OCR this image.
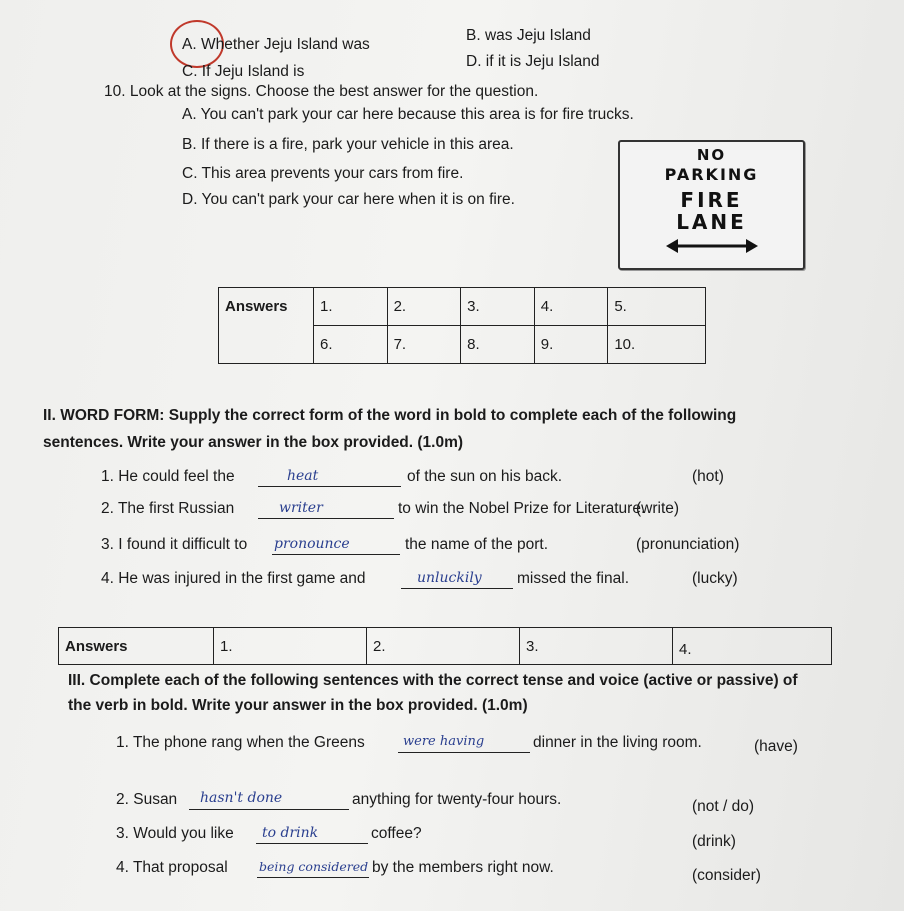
A. Whether Jeju Island was
B. was Jeju Island
C. If Jeju Island is
D. if it is Jeju Island
10. Look at the signs. Choose the best answer for the question.
A. You can't park your car here because this area is for fire trucks.
B. If there is a fire, park your vehicle in this area.
C. This area prevents your cars from fire.
D. You can't park your car here when it is on fire.
NO
PARKING
FIRE
LANE
Answers	1.	2.	3.	4.	5.
	6.	7.	8.	9.	10.
II. WORD FORM: Supply the correct form of the word in bold to complete each of the following
sentences. Write your answer in the box provided. (1.0m)
1. He could feel the	heat	of the sun on his back.	(hot)
2. The first Russian	writer	to win the Nobel Prize for Literature.
(write)
3. I found it difficult to pronounce	the name of the port.	(pronunciation)
4. He was injured in the first game and	unluckily missed the final.	(lucky)
Answers	1.	2.	3.	4.
III. Complete each of the following sentences with the correct tense and voice (active or passive) of
the verb in bold. Write your answer in the box provided. (1.0m)
1. The phone rang when the Greens	were having	dinner in the living room.	(have)
2. Susan hasn't done	anything for twenty-four hours.	(not / do)
3. Would you like to drink	coffee?	(drink)
4. That proposal	being considered by the members right now.	(consider)
